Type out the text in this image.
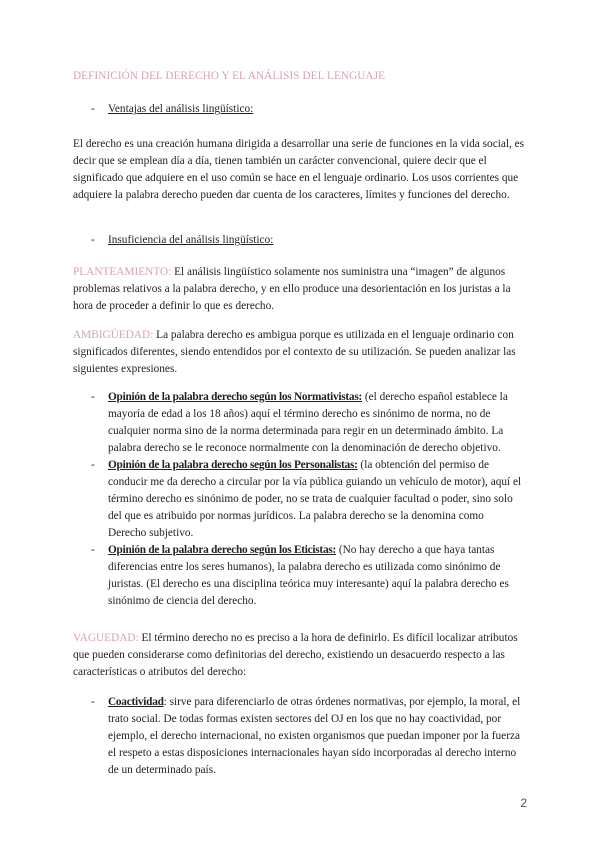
DEFINICIÓN DEL DERECHO Y EL ANÁLISIS DEL LENGUAJE
- Ventajas del análisis lingüístico:

El derecho es una creación humana dirigida a desarrollar una serie de funciones en la vida social, es decir que se emplean día a día, tienen también un carácter convencional, quiere decir que el significado que adquiere en el uso común se hace en el lenguaje ordinario. Los usos corrientes que adquiere la palabra derecho pueden dar cuenta de los caracteres, límites y funciones del derecho.

- Insuficiencia del análisis lingüístico:

PLANTEAMIENTO: El análisis lingüístico solamente nos suministra una “imagen” de algunos problemas relativos a la palabra derecho, y en ello produce una desorientación en los juristas a la hora de proceder a definir lo que es derecho.

AMBIGÜEDAD: La palabra derecho es ambigua porque es utilizada en el lenguaje ordinario con significados diferentes, siendo entendidos por el contexto de su utilización. Se pueden analizar las siguientes expresiones.

- Opinión de la palabra derecho según los Normativistas: (el derecho español establece la mayoría de edad a los 18 años) aquí el término derecho es sinónimo de norma, no de cualquier norma sino de la norma determinada para regir en un determinado ámbito. La palabra derecho se le reconoce normalmente con la denominación de derecho objetivo.
- Opinión de la palabra derecho según los Personalistas: (la obtención del permiso de conducir me da derecho a circular por la vía pública guiando un vehículo de motor), aquí el término derecho es sinónimo de poder, no se trata de cualquier facultad o poder, sino solo del que es atribuido por normas jurídicos. La palabra derecho se la denomina como Derecho subjetivo.
- Opinión de la palabra derecho según los Eticistas: (No hay derecho a que haya tantas diferencias entre los seres humanos), la palabra derecho es utilizada como sinónimo de juristas. (El derecho es una disciplina teórica muy interesante) aquí la palabra derecho es sinónimo de ciencia del derecho.

VAGUEDAD: El término derecho no es preciso a la hora de definirlo. Es difícil localizar atributos que pueden considerarse como definitorias del derecho, existiendo un desacuerdo respecto a las características o atributos del derecho:

- Coactividad: sirve para diferenciarlo de otras órdenes normativas, por ejemplo, la moral, el trato social. De todas formas existen sectores del OJ en los que no hay coactividad, por ejemplo, el derecho internacional, no existen organismos que puedan imponer por la fuerza el respeto a estas disposiciones internacionales hayan sido incorporadas al derecho interno de un determinado país.
2
